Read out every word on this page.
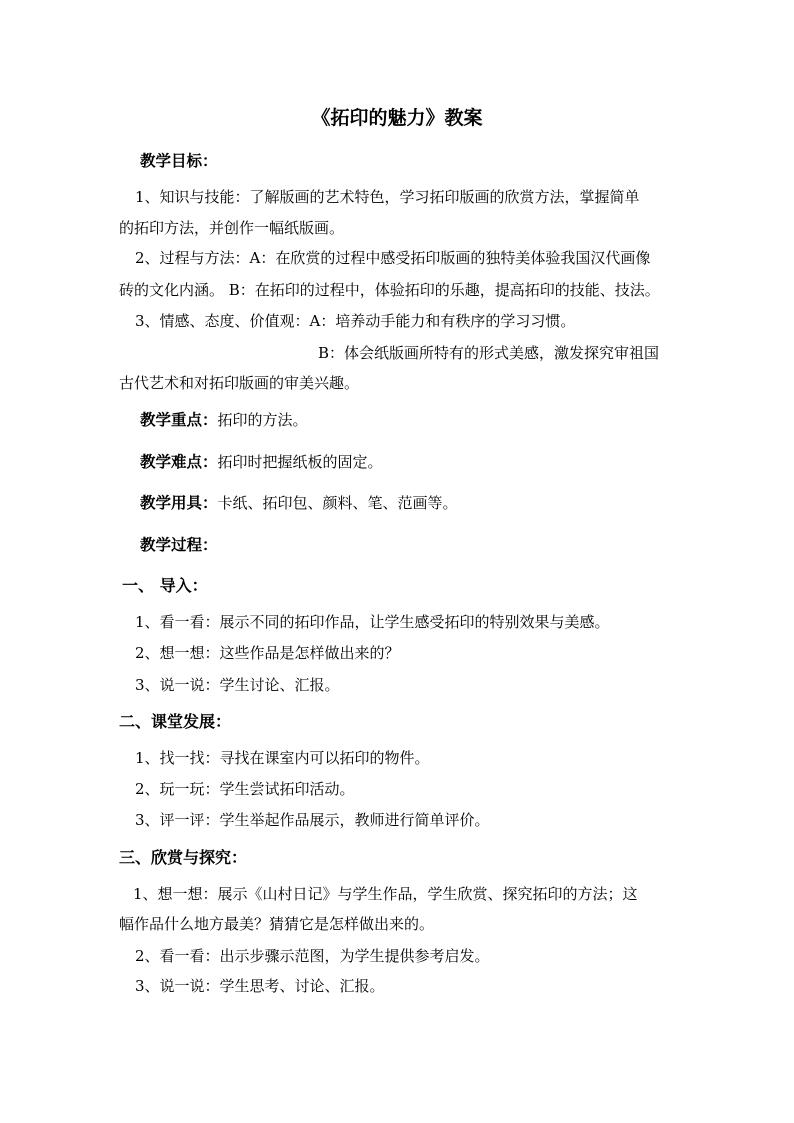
《拓印的魅力》教案
教学目标：
1、知识与技能：了解版画的艺术特色，学习拓印版画的欣赏方法，掌握简单
的拓印方法，并创作一幅纸版画。
2、过程与方法：A：在欣赏的过程中感受拓印版画的独特美体验我国汉代画像
砖的文化内涵。 B：在拓印的过程中，体验拓印的乐趣，提高拓印的技能、技法。
3、情感、态度、价值观：A：培养动手能力和有秩序的学习习惯。
B：体会纸版画所特有的形式美感，激发探究审祖国
古代艺术和对拓印版画的审美兴趣。
教学重点：拓印的方法。
教学难点：拓印时把握纸板的固定。
教学用具：卡纸、拓印包、颜料、笔、范画等。
教学过程：
一、 导入：
1、看一看：展示不同的拓印作品，让学生感受拓印的特别效果与美感。
2、想一想：这些作品是怎样做出来的？
3、说一说：学生讨论、汇报。
二、课堂发展：
1、找一找：寻找在课室内可以拓印的物件。
2、玩一玩：学生尝试拓印活动。
3、评一评：学生举起作品展示，教师进行简单评价。
三、欣赏与探究：
1、想一想：展示《山村日记》与学生作品，学生欣赏、探究拓印的方法；这
幅作品什么地方最美？猜猜它是怎样做出来的。
2、看一看：出示步骤示范图，为学生提供参考启发。
3、说一说：学生思考、讨论、汇报。
